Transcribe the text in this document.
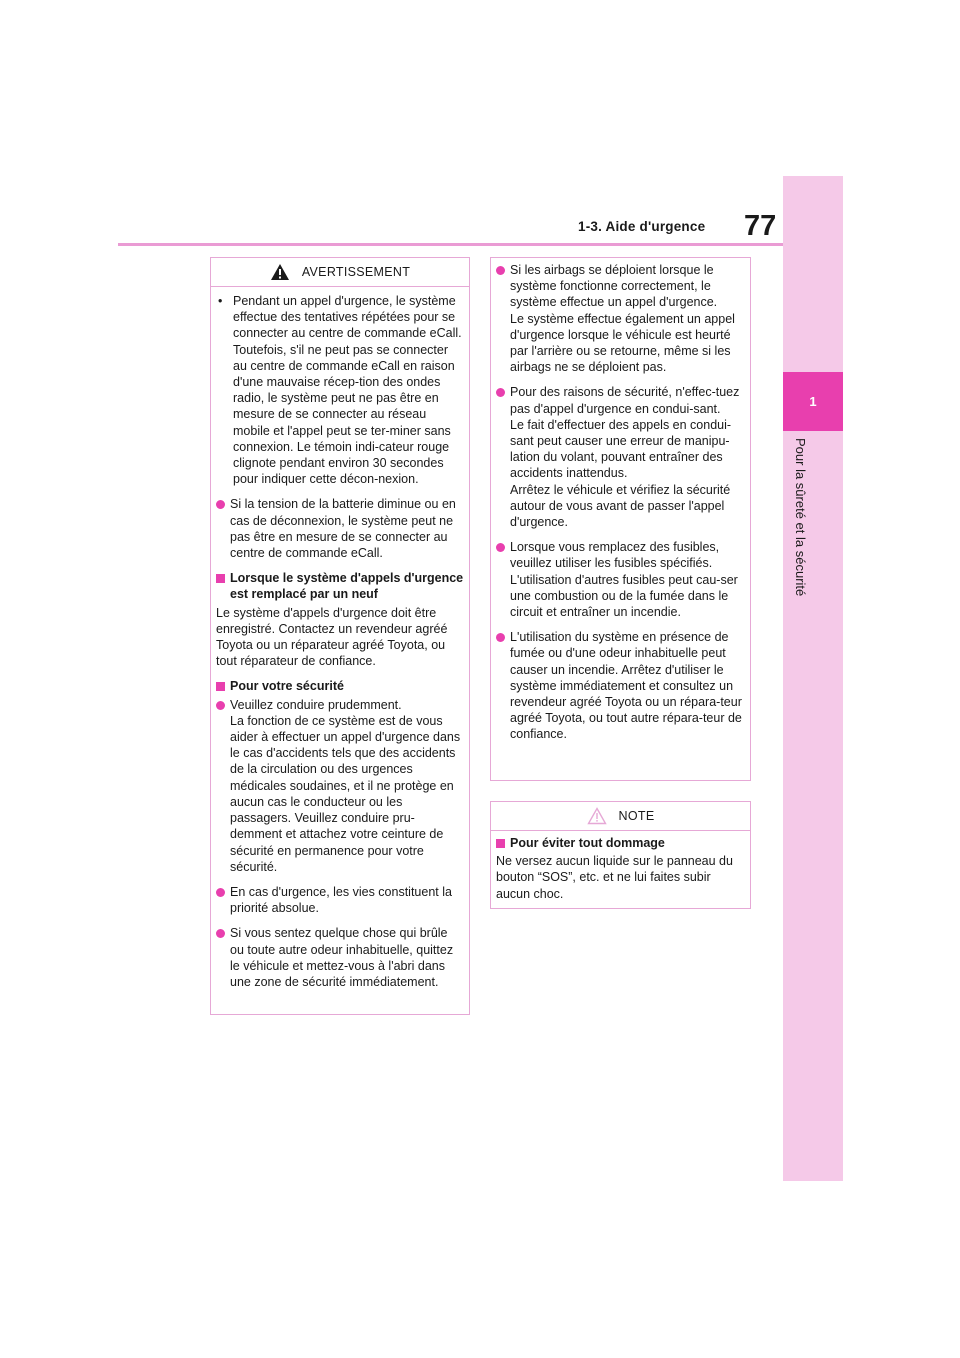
77
1-3. Aide d'urgence
1
Pour la sûreté et la sécurité
AVERTISSEMENT
• Pendant un appel d'urgence, le système effectue des tentatives répétées pour se connecter au centre de commande eCall. Toutefois, s'il ne peut pas se connecter au centre de commande eCall en raison d'une mauvaise récep-tion des ondes radio, le système peut ne pas être en mesure de se connecter au réseau mobile et l'appel peut se ter-miner sans connexion. Le témoin indi-cateur rouge clignote pendant environ 30 secondes pour indiquer cette décon-nexion.
Si la tension de la batterie diminue ou en cas de déconnexion, le système peut ne pas être en mesure de se connecter au centre de commande eCall.
Lorsque le système d'appels d'urgence est remplacé par un neuf
Le système d'appels d'urgence doit être enregistré. Contactez un revendeur agréé Toyota ou un réparateur agréé Toyota, ou tout réparateur de confiance.
Pour votre sécurité
Veuillez conduire prudemment.
La fonction de ce système est de vous aider à effectuer un appel d'urgence dans le cas d'accidents tels que des accidents de la circulation ou des urgences médicales soudaines, et il ne protège en aucun cas le conducteur ou les passagers. Veuillez conduire pru-demment et attachez votre ceinture de sécurité en permanence pour votre sécurité.
En cas d'urgence, les vies constituent la priorité absolue.
Si vous sentez quelque chose qui brûle ou toute autre odeur inhabituelle, quittez le véhicule et mettez-vous à l'abri dans une zone de sécurité immédiatement.
Si les airbags se déploient lorsque le système fonctionne correctement, le système effectue un appel d'urgence.
Le système effectue également un appel d'urgence lorsque le véhicule est heurté par l'arrière ou se retourne, même si les airbags ne se déploient pas.
Pour des raisons de sécurité, n'effec-tuez pas d'appel d'urgence en condui-sant.
Le fait d'effectuer des appels en condui-sant peut causer une erreur de manipu-lation du volant, pouvant entraîner des accidents inattendus.
Arrêtez le véhicule et vérifiez la sécurité autour de vous avant de passer l'appel d'urgence.
Lorsque vous remplacez des fusibles, veuillez utiliser les fusibles spécifiés. L'utilisation d'autres fusibles peut cau-ser une combustion ou de la fumée dans le circuit et entraîner un incendie.
L'utilisation du système en présence de fumée ou d'une odeur inhabituelle peut causer un incendie. Arrêtez d'utiliser le système immédiatement et consultez un revendeur agréé Toyota ou un répara-teur agréé Toyota, ou tout autre répara-teur de confiance.
NOTE
Pour éviter tout dommage
Ne versez aucun liquide sur le panneau du bouton “SOS”, etc. et ne lui faites subir aucun choc.
